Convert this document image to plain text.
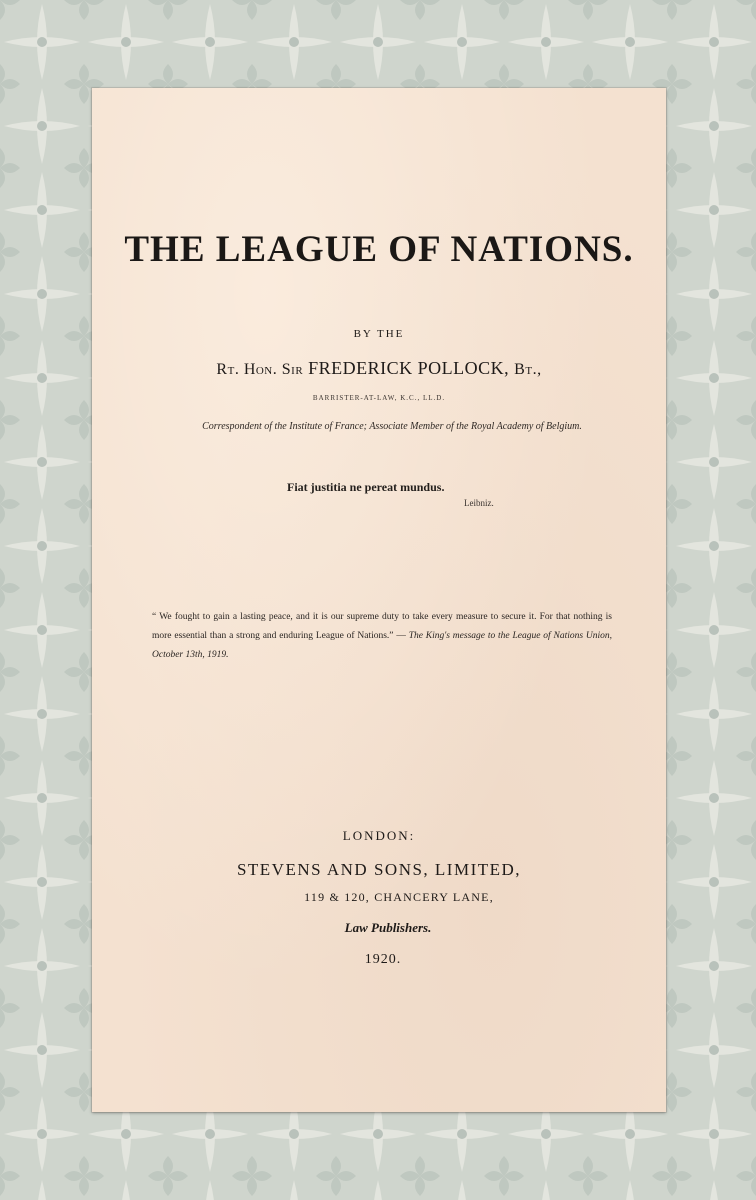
THE LEAGUE OF NATIONS.
BY THE
Rt. Hon. Sir FREDERICK POLLOCK, Bt.,
BARRISTER-AT-LAW, K.C., LL.D.
Correspondent of the Institute of France; Associate Member of the Royal Academy of Belgium.
Fiat justitia ne pereat mundus.
Leibniz.
“ We fought to gain a lasting peace, and it is our supreme duty to take every measure to secure it. For that nothing is more essential than a strong and enduring League of Nations.” — The King's message to the League of Nations Union, October 13th, 1919.
LONDON:
STEVENS AND SONS, LIMITED,
119 & 120, CHANCERY LANE,
Law Publishers.
1920.
